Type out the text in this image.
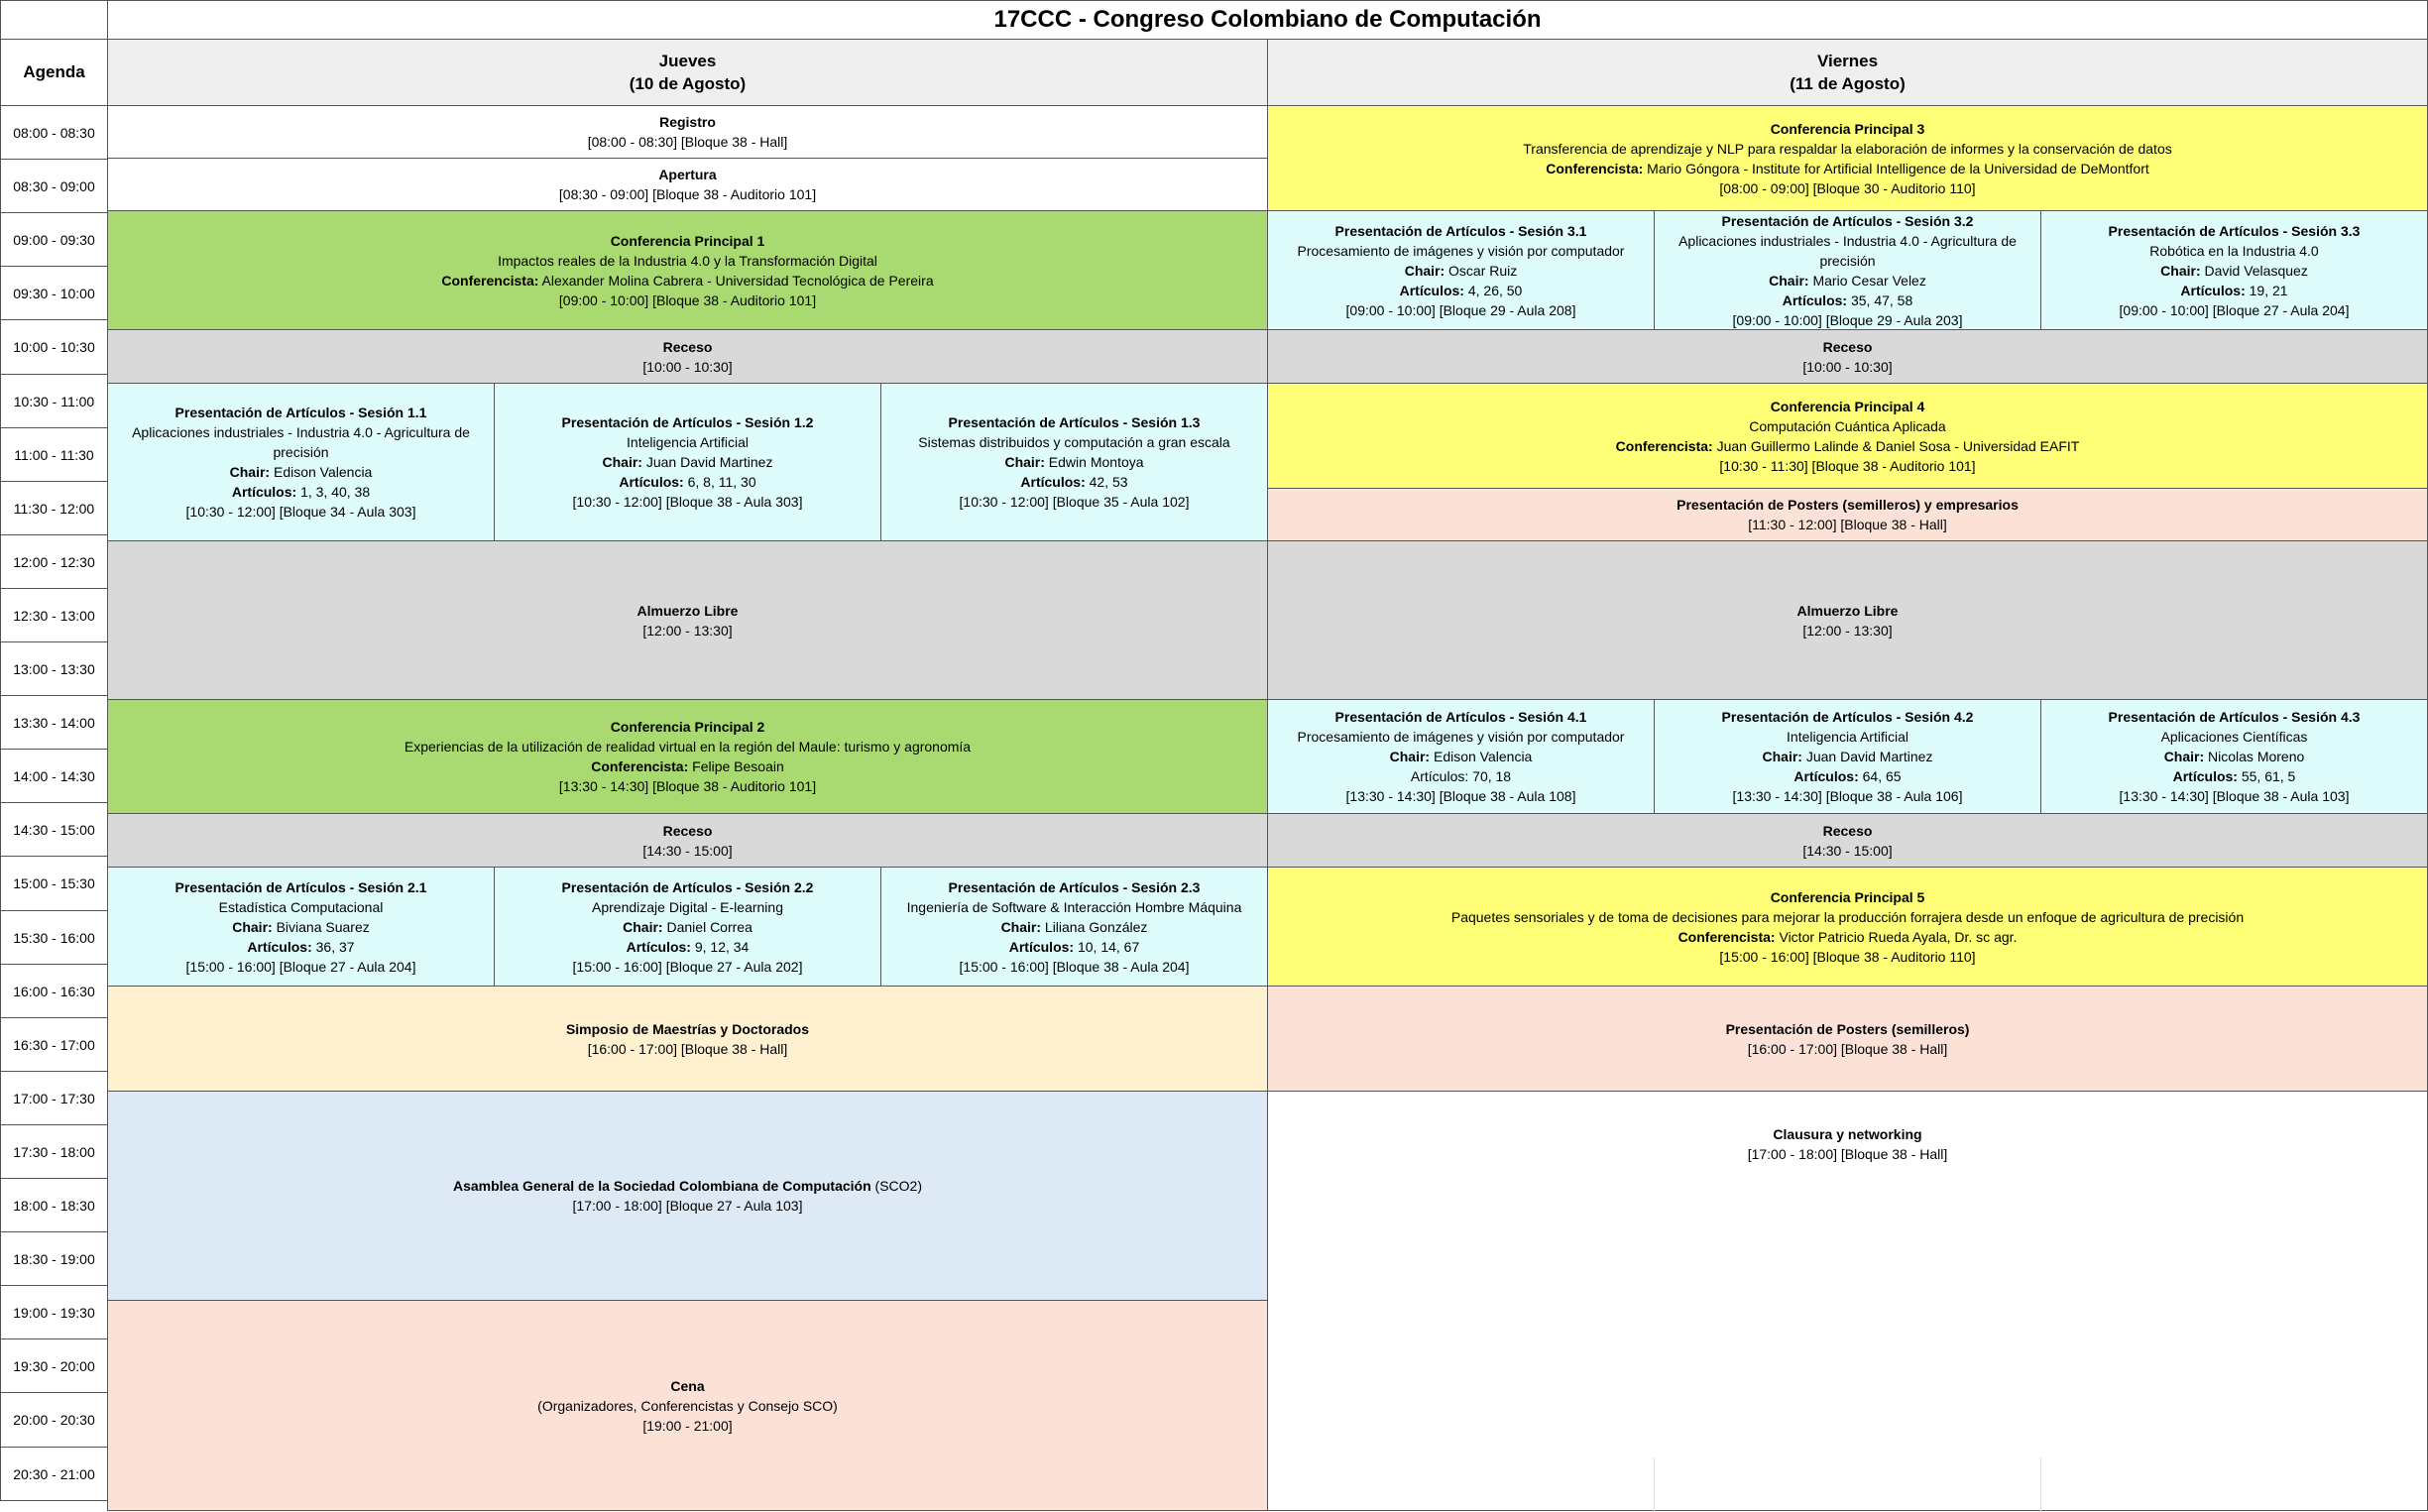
17CCC - Congreso Colombiano de Computación
Agenda
Jueves
(10 de Agosto)
Viernes
(11 de Agosto)
08:00 - 08:30
08:30 - 09:00
09:00 - 09:30
09:30 - 10:00
10:00 - 10:30
10:30 - 11:00
11:00 - 11:30
11:30 - 12:00
12:00 - 12:30
12:30 - 13:00
13:00 - 13:30
13:30 - 14:00
14:00 - 14:30
14:30 - 15:00
15:00 - 15:30
15:30 - 16:00
16:00 - 16:30
16:30 - 17:00
17:00 - 17:30
17:30 - 18:00
18:00 - 18:30
18:30 - 19:00
19:00 - 19:30
19:30 - 20:00
20:00 - 20:30
20:30 - 21:00
Registro
[08:00 - 08:30] [Bloque 38 - Hall]
Apertura
[08:30 - 09:00] [Bloque 38 - Auditorio 101]
Conferencia Principal 1
Impactos reales de la Industria 4.0 y la Transformación Digital
Conferencista: Alexander Molina Cabrera - Universidad Tecnológica de Pereira
[09:00 - 10:00] [Bloque 38 - Auditorio 101]
Receso
[10:00 - 10:30]
Presentación de Artículos - Sesión 1.1
Aplicaciones industriales - Industria 4.0 - Agricultura de precisión
Chair: Edison Valencia
Artículos: 1, 3, 40, 38
[10:30 - 12:00] [Bloque 34 - Aula 303]
Presentación de Artículos - Sesión 1.2
Inteligencia Artificial
Chair: Juan David Martinez
Artículos: 6, 8, 11, 30
[10:30 - 12:00] [Bloque 38 - Aula 303]
Presentación de Artículos - Sesión 1.3
Sistemas distribuidos y computación a gran escala
Chair: Edwin Montoya
Artículos: 42, 53
[10:30 - 12:00] [Bloque 35 - Aula 102]
Almuerzo Libre
[12:00 - 13:30]
Conferencia Principal 2
Experiencias de la utilización de realidad virtual en la región del Maule: turismo y agronomía
Conferencista: Felipe Besoain
[13:30 - 14:30] [Bloque 38 - Auditorio 101]
Receso
[14:30 - 15:00]
Presentación de Artículos - Sesión 2.1
Estadística Computacional
Chair: Biviana Suarez
Artículos: 36, 37
[15:00 - 16:00] [Bloque 27 - Aula 204]
Presentación de Artículos - Sesión 2.2
Aprendizaje Digital - E-learning
Chair: Daniel Correa
Artículos: 9, 12, 34
[15:00 - 16:00] [Bloque 27 - Aula 202]
Presentación de Artículos - Sesión 2.3
Ingeniería de Software & Interacción Hombre Máquina
Chair: Liliana González
Artículos: 10, 14, 67
[15:00 - 16:00] [Bloque 38 - Aula 204]
Simposio de Maestrías y Doctorados
[16:00 - 17:00] [Bloque 38 - Hall]
Asamblea General de la Sociedad Colombiana de Computación (SCO2)
[17:00 - 18:00] [Bloque 27 - Aula 103]
Cena
(Organizadores, Conferencistas y Consejo SCO)
[19:00 - 21:00]
Conferencia Principal 3
Transferencia de aprendizaje y NLP para respaldar la elaboración de informes y la conservación de datos
Conferencista: Mario Góngora - Institute for Artificial Intelligence de la Universidad de DeMontfort
[08:00 - 09:00] [Bloque 30 - Auditorio 110]
Presentación de Artículos - Sesión 3.1
Procesamiento de imágenes y visión por computador
Chair: Oscar Ruiz
Artículos: 4, 26, 50
[09:00 - 10:00] [Bloque 29 - Aula 208]
Presentación de Artículos - Sesión 3.2
Aplicaciones industriales - Industria 4.0 - Agricultura de precisión
Chair: Mario Cesar Velez
Artículos: 35, 47, 58
[09:00 - 10:00] [Bloque 29 - Aula 203]
Presentación de Artículos - Sesión 3.3
Robótica en la Industria 4.0
Chair: David Velasquez
Artículos: 19, 21
[09:00 - 10:00] [Bloque 27 - Aula 204]
Receso
[10:00 - 10:30]
Conferencia Principal 4
Computación Cuántica Aplicada
Conferencista: Juan Guillermo Lalinde & Daniel Sosa - Universidad EAFIT
[10:30 - 11:30] [Bloque 38 - Auditorio 101]
Presentación de Posters (semilleros) y empresarios
[11:30 - 12:00] [Bloque 38 - Hall]
Almuerzo Libre
[12:00 - 13:30]
Presentación de Artículos - Sesión 4.1
Procesamiento de imágenes y visión por computador
Chair: Edison Valencia
Artículos: 70, 18
[13:30 - 14:30] [Bloque 38 - Aula 108]
Presentación de Artículos - Sesión 4.2
Inteligencia Artificial
Chair: Juan David Martinez
Artículos: 64, 65
[13:30 - 14:30] [Bloque 38 - Aula 106]
Presentación de Artículos - Sesión 4.3
Aplicaciones Científicas
Chair: Nicolas Moreno
Artículos: 55, 61, 5
[13:30 - 14:30] [Bloque 38 - Aula 103]
Receso
[14:30 - 15:00]
Conferencia Principal 5
Paquetes sensoriales y de toma de decisiones para mejorar la producción forrajera desde un enfoque de agricultura de precisión
Conferencista: Victor Patricio Rueda Ayala, Dr. sc agr.
[15:00 - 16:00] [Bloque 38 - Auditorio 110]
Presentación de Posters (semilleros)
[16:00 - 17:00] [Bloque 38 - Hall]
Clausura y networking
[17:00 - 18:00] [Bloque 38 - Hall]
